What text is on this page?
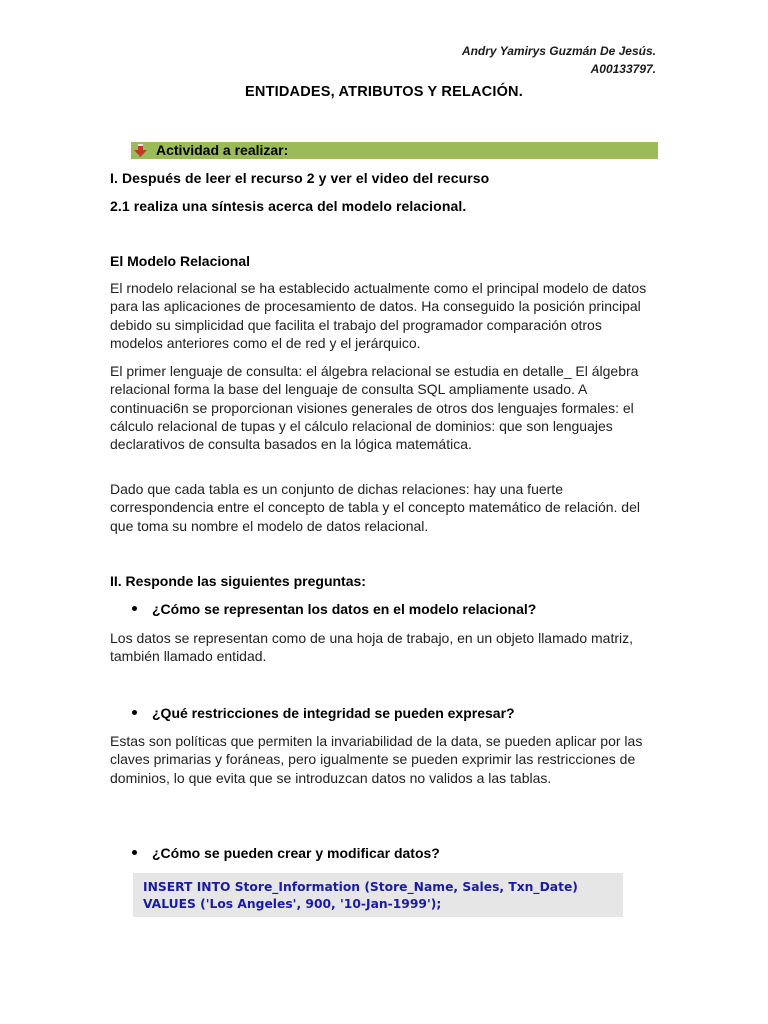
Andry Yamirys Guzmán De Jesús.
A00133797.
ENTIDADES, ATRIBUTOS Y RELACIÓN.
Actividad a realizar:
I. Después de leer el recurso 2 y ver el video del recurso
2.1 realiza una síntesis acerca del modelo relacional.
El Modelo Relacional
El rnodelo relacional se ha establecido actualmente como el principal modelo de datos para las aplicaciones de procesamiento de datos. Ha conseguido la posición principal debido su simplicidad que facilita el trabajo del programador comparación otros modelos anteriores como el de red y el jerárquico.
El primer lenguaje de consulta: el álgebra relacional se estudia en detalle_ El álgebra relacional forma la base del lenguaje de consulta SQL ampliamente usado. A continuaci6n se proporcionan visiones generales de otros dos lenguajes formales: el cálculo relacional de tupas y el cálculo relacional de dominios: que son lenguajes declarativos de consulta basados en la lógica matemática.
Dado que cada tabla es un conjunto de dichas relaciones: hay una fuerte correspondencia entre el concepto de tabla y el concepto matemático de relación. del que toma su nombre el modelo de datos relacional.
II. Responde las siguientes preguntas:
¿Cómo se representan los datos en el modelo relacional?
Los datos se representan como de una hoja de trabajo, en un objeto llamado matriz, también llamado entidad.
¿Qué restricciones de integridad se pueden expresar?
Estas son políticas que permiten la invariabilidad de la data, se pueden aplicar por las claves primarias y foráneas, pero igualmente se pueden exprimir las restricciones de dominios, lo que evita que se introduzcan datos no validos a las tablas.
¿Cómo se pueden crear y modificar datos?
INSERT INTO Store_Information (Store_Name, Sales, Txn_Date)
VALUES ('Los Angeles', 900, '10-Jan-1999');
